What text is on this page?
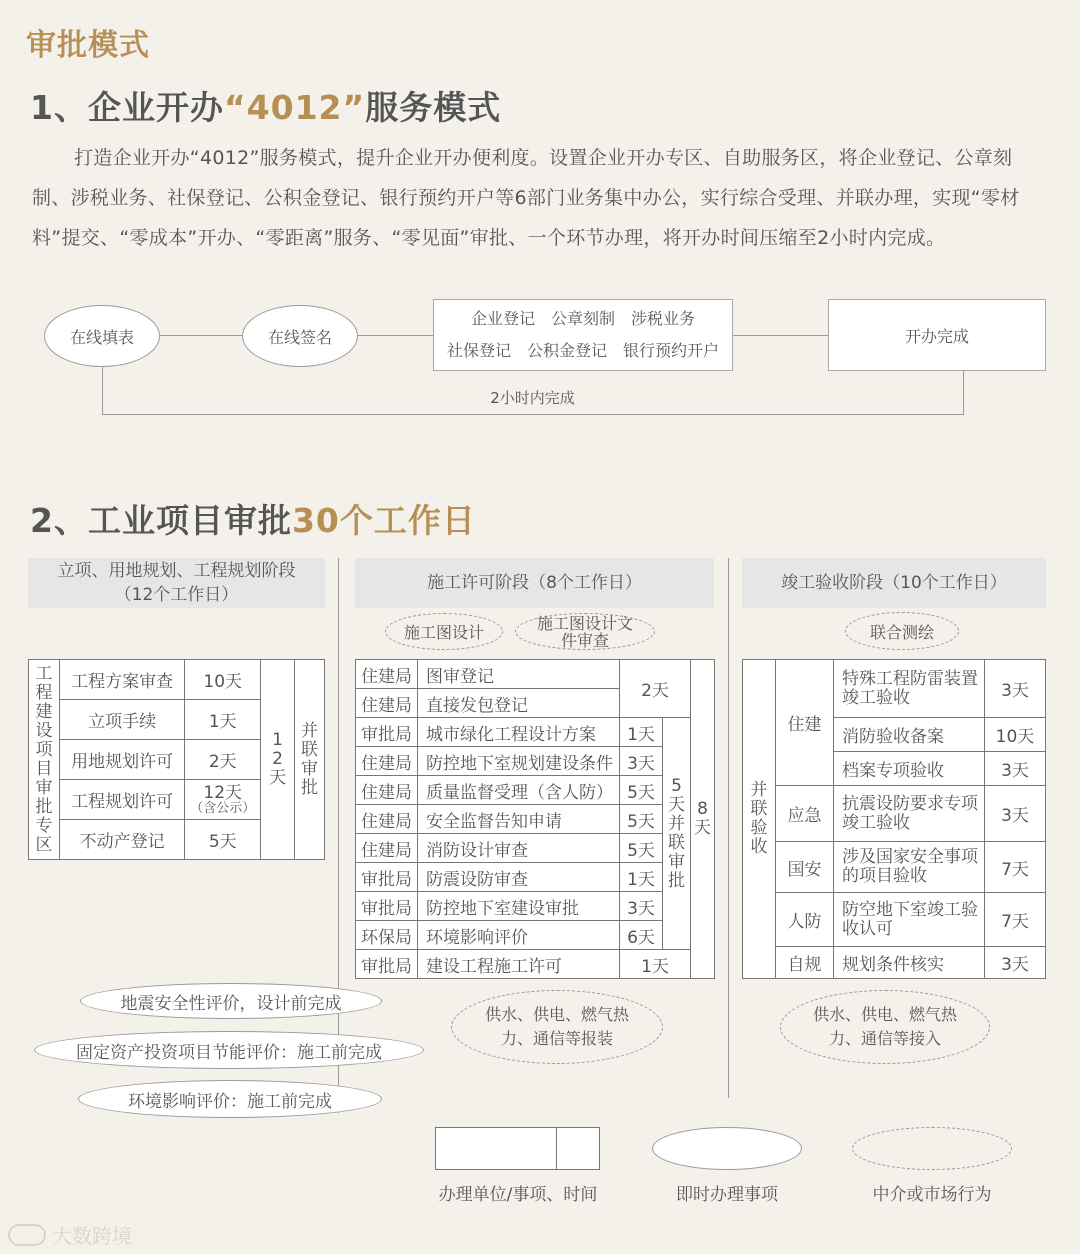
审批模式
1、企业开办“4012”服务模式
打造企业开办“4012”服务模式，提升企业开办便利度。设置企业开办专区、自助服务区，将企业登记、公章刻制、涉税业务、社保登记、公积金登记、银行预约开户等6部门业务集中办公，实行综合受理、并联办理，实现“零材料”提交、“零成本”开办、“零距离”服务、“零见面”审批、一个环节办理，将开办时间压缩至2小时内完成。
在线填表	在线签名
企业登记　公章刻制　涉税业务
社保登记　公积金登记　银行预约开户
开办完成
2小时内完成
2、工业项目审批30个工作日
立项、用地规划、工程规划阶段
（12个工作日）
工程建设项目审批专区	工程方案审查	10天	12天	并联审批

	立项手续	1天		
	用地规划许可	2天		
	工程规划许可	12天
（含公示）		

	不动产登记	5天		
施工许可阶段（8个工作日）
施工图设计	施工图设计文件审查
住建局	图审登记	2天		8天

住建局	直接发包登记			
审批局	城市绿化工程设计方案	1天	5天并联审批	

住建局	防控地下室规划建设条件	3天		
住建局	质量监督受理（含人防）	5天		
住建局	安全监督告知申请	5天		
住建局	消防设计审查	5天		
审批局	防震设防审查	1天		
审批局	防控地下室建设审批	3天		
环保局	环境影响评价	6天		
审批局	建设工程施工许可	1天		
供水、供电、燃气热力、通信等报装
竣工验收阶段（10个工作日）
联合测绘
并联验收	住建	特殊工程防雷装置竣工验收	3天
		消防验收备案	10天
		档案专项验收	3天
	应急	抗震设防要求专项竣工验收	3天
	国安	涉及国家安全事项的项目验收	7天
	人防	防空地下室竣工验收认可	7天
	自规	规划条件核实	3天
供水、供电、燃气热力、通信等接入
地震安全性评价，设计前完成
固定资产投资项目节能评价：施工前完成
环境影响评价：施工前完成
办理单位/事项、时间	即时办理事项	中介或市场行为
大数跨境
